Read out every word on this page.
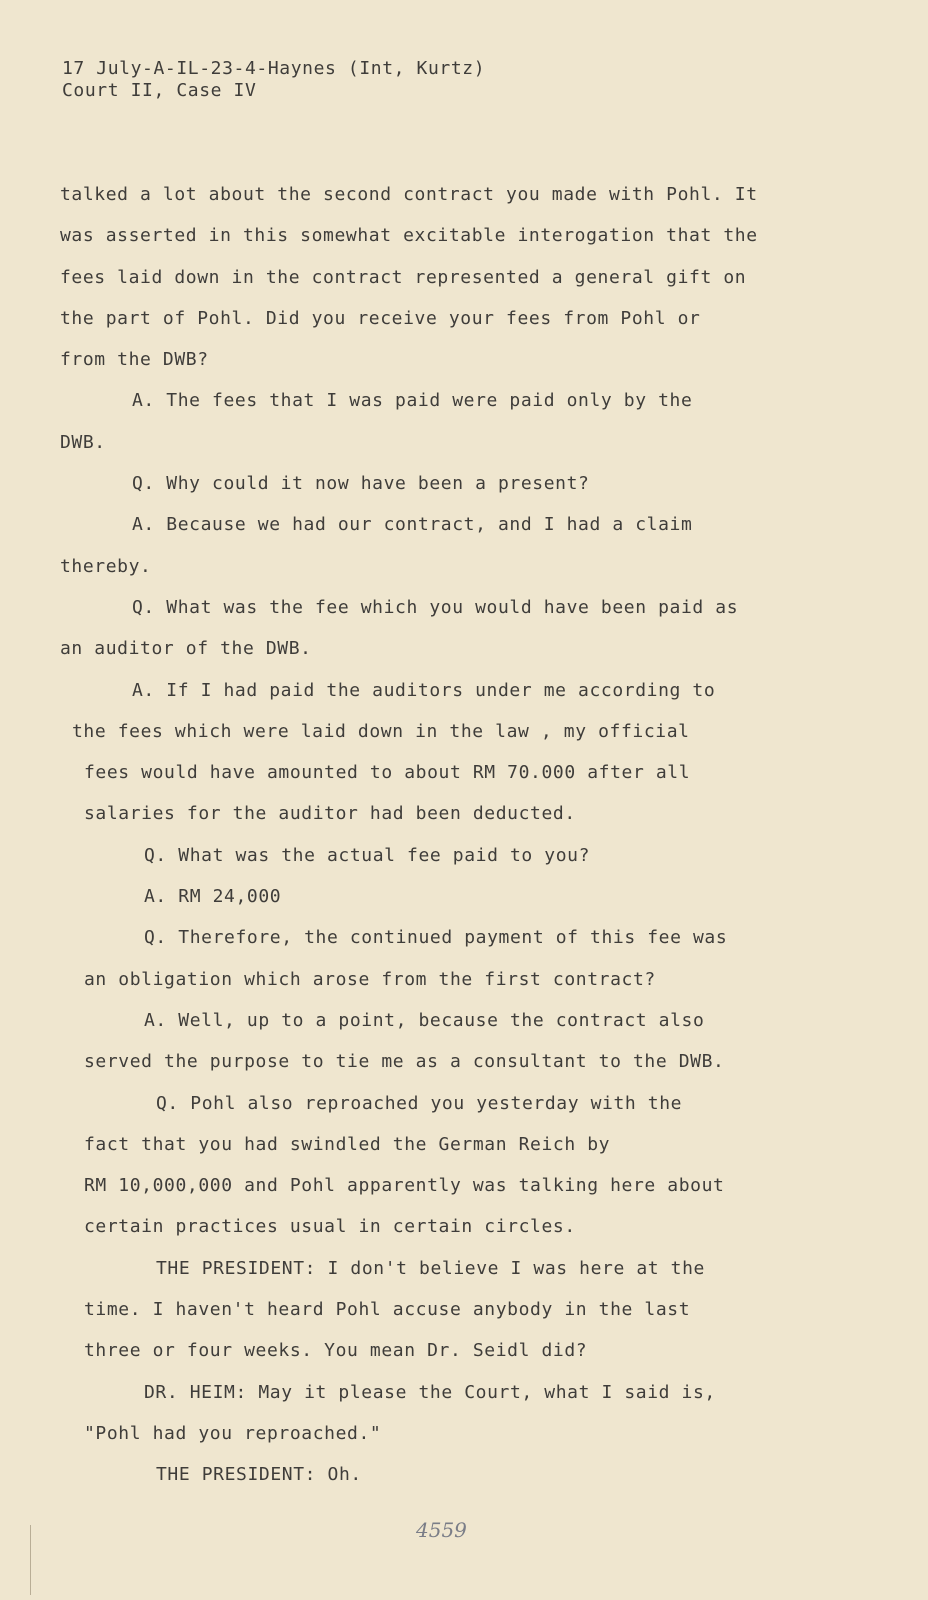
17 July-A-IL-23-4-Haynes (Int, Kurtz)
Court II, Case IV
talked a lot about the second contract you made with Pohl. It
was asserted in this somewhat excitable interogation that the
fees laid down in the contract represented a general gift on
the part of Pohl. Did you receive your fees from Pohl or
from the DWB?
A. The fees that I was paid were paid only by the
DWB.
Q. Why could it now have been a present?
A. Because we had our contract, and I had a claim
thereby.
Q. What was the fee which you would have been paid as
an auditor of the DWB.
A. If I had paid the auditors under me according to
the fees which were laid down in the law , my official
fees would have amounted to about RM 70.000 after all
salaries for the auditor had been deducted.
Q. What was the actual fee paid to you?
A. RM 24,000
Q. Therefore, the continued payment of this fee was
an obligation which arose from the first contract?
A. Well, up to a point, because the contract also
served the purpose to tie me as a consultant to the DWB.
Q. Pohl also reproached you yesterday with the
fact that you had swindled the German Reich by
RM 10,000,000 and Pohl apparently was talking here about
certain practices usual in certain circles.
THE PRESIDENT: I don't believe I was here at the
time. I haven't heard Pohl accuse anybody in the last
three or four weeks. You mean Dr. Seidl did?
DR. HEIM: May it please the Court, what I said is,
"Pohl had you reproached."
THE PRESIDENT: Oh.
4559
